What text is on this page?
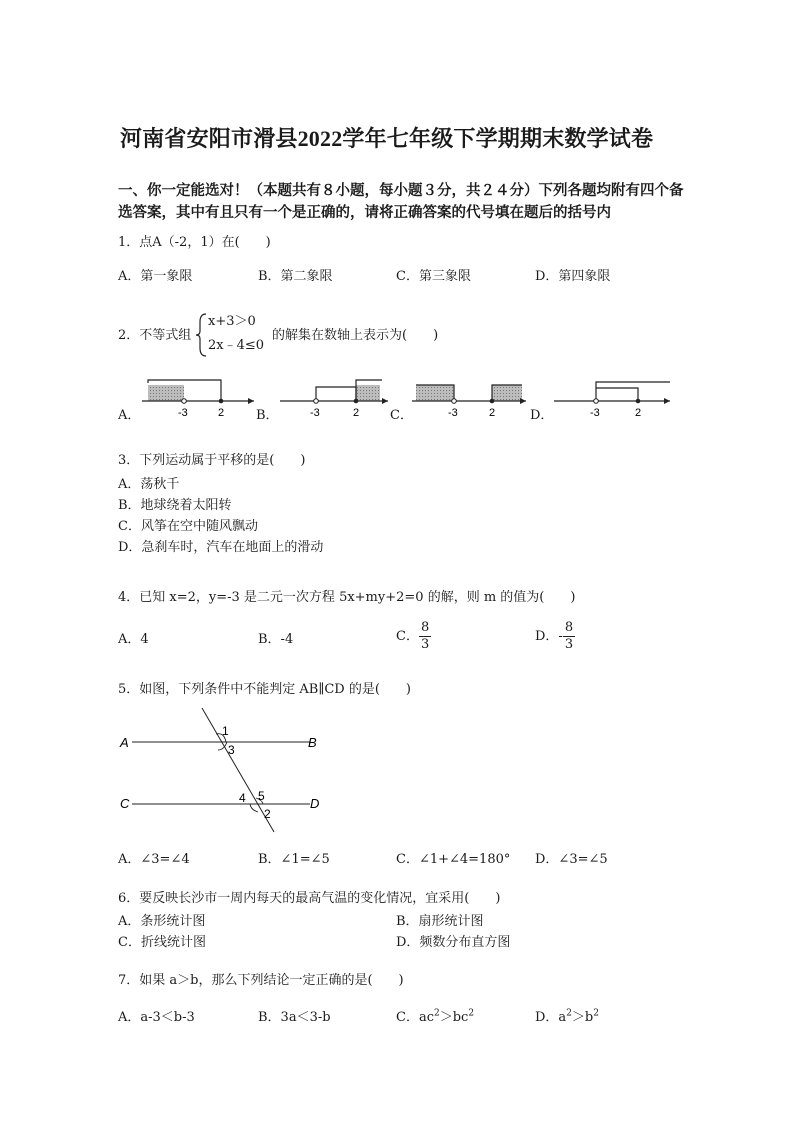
河南省安阳市滑县2022学年七年级下学期期末数学试卷
一、你一定能选对！（本题共有８小题，每小题３分，共２４分）下列各题均附有四个备选答案，其中有且只有一个是正确的，请将正确答案的代号填在题后的括号内
1．点A（-2，1）在(　　)
A．第一象限	B．第二象限	C．第三象限	D．第四象限
2．不等式组
x+3＞0
2x﹣4≤0
的解集在数轴上表示为(　　)
A．	-3	2 B．	-3	2 C．	-3	2	D．	-3	2
3．下列运动属于平移的是(　　)
A．荡秋千
B．地球绕着太阳转
C．风筝在空中随风飘动
D．急刹车时，汽车在地面上的滑动
4．已知 x=2，y=-3 是二元一次方程 5x+my+2=0 的解，则 m 的值为(　　)
A．4	B．-4	C． $\frac{8}{3}$	D．- $\frac{8}{3}$
5．如图，下列条件中不能判定 AB∥CD 的是(　　)
A	B
C	D
1
3
4 5
2
A．∠3=∠4	B．∠1=∠5	C．∠1+∠4=180° D．∠3=∠5
6．要反映长沙市一周内每天的最高气温的变化情况，宜采用(　　)
A．条形统计图	B．扇形统计图
C．折线统计图	D．频数分布直方图
7．如果 a＞b，那么下列结论一定正确的是(　　)
A．a-3＜b-3	B．3a＜3-b	C．$ac^2>bc^2$	D．$a^2>b^2$
